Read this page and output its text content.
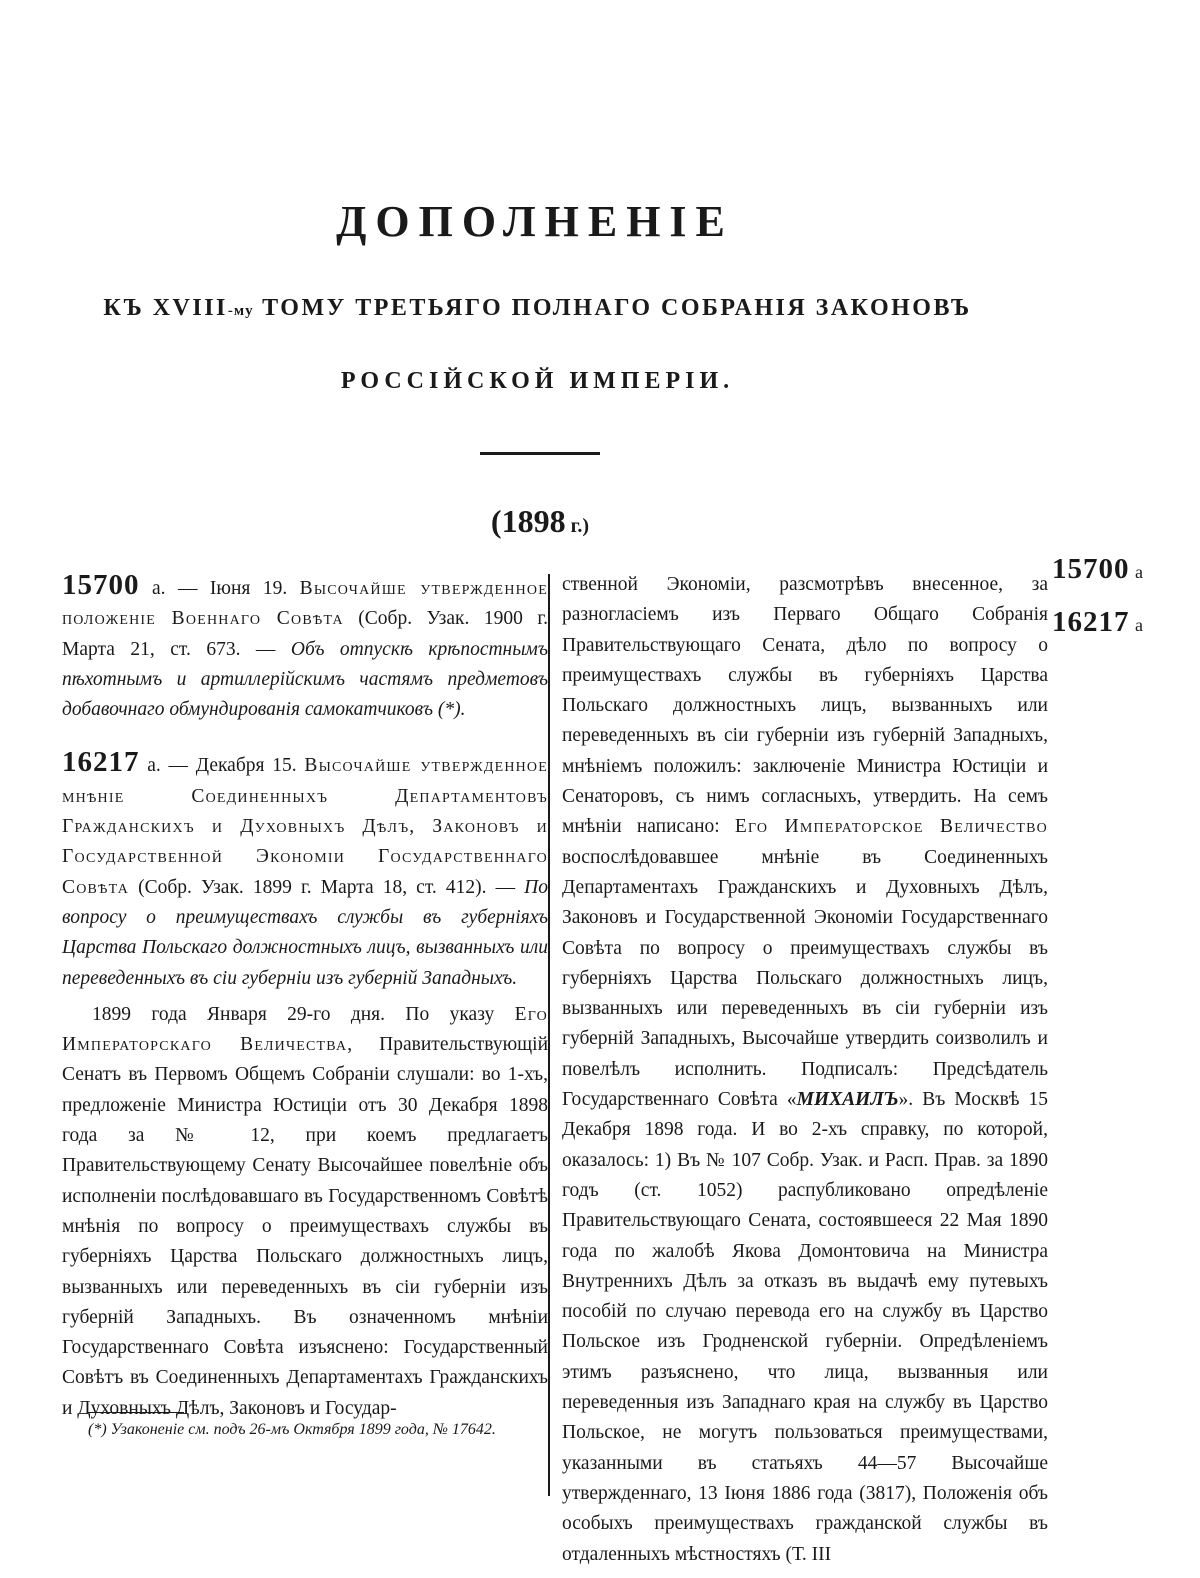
ДОПОЛНЕНІЕ
КЪ XVIII-му ТОМУ ТРЕТЬЯГО ПОЛНАГО СОБРАНІЯ ЗАКОНОВЪ
РОССІЙСКОЙ ИМПЕРІИ.
(1898 г.)

15700 а. — Іюня 19. Высочайше утвержденное положеніе Военнаго Совѣта (Собр. Узак. 1900 г. Марта 21, ст. 673. — Объ отпускѣ крѣпостнымъ пѣхотнымъ и артиллерійскимъ частямъ предметовъ добавочнаго обмундированія самокатчиковъ (*).

16217 а. — Декабря 15. Высочайше утвержденное мнѣніе Соединенныхъ Департаментовъ Гражданскихъ и Духовныхъ Дѣлъ, Законовъ и Государственной Экономіи Государственнаго Совѣта (Собр. Узак. 1899 г. Марта 18, ст. 412). — По вопросу о преимуществахъ службы въ губерніяхъ Царства Польскаго должностныхъ лицъ, вызванныхъ или переведенныхъ въ сіи губерніи изъ губерній Западныхъ.

1899 года Января 29-го дня. По указу Его Императорскаго Величества, Правительствующій Сенатъ въ Первомъ Общемъ Собраніи слушали: во 1-хъ, предложеніе Министра Юстиціи отъ 30 Декабря 1898 года за № 12, при коемъ предлагаетъ Правительствующему Сенату Высочайшее повелѣніе объ исполненіи послѣдовавшаго въ Государственномъ Совѣтѣ мнѣнія по вопросу о преимуществахъ службы въ губерніяхъ Царства Польскаго должностныхъ лицъ, вызванныхъ или переведенныхъ въ сіи губерніи изъ губерній Западныхъ. Въ означенномъ мнѣніи Государственнаго Совѣта изъяснено: Государственный Совѣтъ въ Соединенныхъ Департаментахъ Гражданскихъ и Духовныхъ Дѣлъ, Законовъ и Государ-

ственной Экономіи, разсмотрѣвъ внесенное, за разногласіемъ изъ Перваго Общаго Собранія Правительствующаго Сената, дѣло по вопросу о преимуществахъ службы въ губерніяхъ Царства Польскаго должностныхъ лицъ, вызванныхъ или переведенныхъ въ сіи губерніи изъ губерній Западныхъ, мнѣніемъ положилъ: заключеніе Министра Юстиціи и Сенаторовъ, съ нимъ согласныхъ, утвердить. На семъ мнѣніи написано: Его Императорское Величество воспослѣдовавшее мнѣніе въ Соединенныхъ Департаментахъ Гражданскихъ и Духовныхъ Дѣлъ, Законовъ и Государственной Экономіи Государственнаго Совѣта по вопросу о преимуществахъ службы въ губерніяхъ Царства Польскаго должностныхъ лицъ, вызванныхъ или переведенныхъ въ сіи губерніи изъ губерній Западныхъ, Высочайше утвердить соизволилъ и повелѣлъ исполнить. Подписалъ: Предсѣдатель Государственнаго Совѣта «МИХАИЛЪ». Въ Москвѣ 15 Декабря 1898 года. И во 2-хъ справку, по которой, оказалось: 1) Въ № 107 Собр. Узак. и Расп. Прав. за 1890 годъ (ст. 1052) распубликовано опредѣленіе Правительствующаго Сената, состоявшееся 22 Мая 1890 года по жалобѣ Якова Домонтовича на Министра Внутреннихъ Дѣлъ за отказъ въ выдачѣ ему путевыхъ пособій по случаю перевода его на службу въ Царство Польское изъ Гродненской губерніи. Опредѣленіемъ этимъ разъяснено, что лица, вызванныя или переведенныя изъ Западнаго края на службу въ Царство Польское, не могутъ пользоваться преимуществами, указанными въ статьяхъ 44—57 Высочайше утвержденнаго, 13 Іюня 1886 года (3817), Положенія объ особыхъ преимуществахъ гражданской службы въ отдаленныхъ мѣстностяхъ (Т. III

15700 а
16217 а
(*) Узаконеніе см. подъ 26-мъ Октября 1899 года, № 17642.
